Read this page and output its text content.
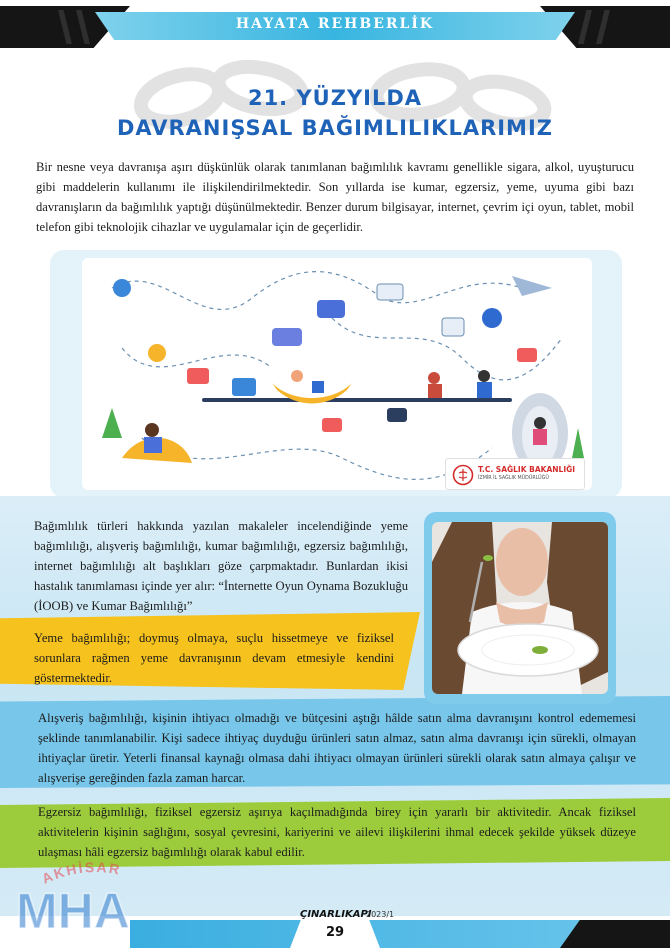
HAYATA REHBERLİK
21. YÜZYILDA
DAVRANIŞSAL BAĞIMLILIKLARIMIZ

Bir nesne veya davranışa aşırı düşkünlük olarak tanımlanan bağımlılık kavramı genellikle sigara, alkol, uyuşturucu gibi maddelerin kullanımı ile ilişkilendirilmektedir. Son yıllarda ise kumar, egzersiz, yeme, uyuma gibi bazı davranışların da bağımlılık yaptığı düşünülmektedir. Benzer durum bilgisayar, internet, çevrim içi oyun, tablet, mobil telefon gibi teknolojik cihazlar ve uygulamalar için de geçerlidir.

T.C. SAĞLIK BAKANLIĞI
İZMİR İL SAĞLIK MÜDÜRLÜĞÜ

Bağımlılık türleri hakkında yazılan makaleler incelendiğinde yeme bağımlılığı, alışveriş bağımlılığı, kumar bağımlılığı, egzersiz bağımlılığı, internet bağımlılığı alt başlıkları göze çarpmaktadır. Bunlardan ikisi hastalık tanımlaması içinde yer alır: “İnternette Oyun Oynama Bozukluğu (İOOB) ve Kumar Bağımlılığı”

Yeme bağımlılığı; doymuş olmaya, suçlu hissetmeye ve fiziksel sorunlara rağmen yeme davranışının devam etmesiyle kendini göstermektedir.

Alışveriş bağımlılığı, kişinin ihtiyacı olmadığı ve bütçesini aştığı hâlde satın alma davranışını kontrol edememesi şeklinde tanımlanabilir. Kişi sadece ihtiyaç duyduğu ürünleri satın almaz, satın alma davranışı için sürekli, olmayan ihtiyaçlar üretir. Yeterli finansal kaynağı olmasa dahi ihtiyacı olmayan ürünleri sürekli olarak satın almaya çalışır ve alışverişe gereğinden fazla zaman harcar.

Egzersiz bağımlılığı, fiziksel egzersiz aşırıya kaçılmadığında birey için yararlı bir aktivitedir. Ancak fiziksel aktivitelerin kişinin sağlığını, sosyal çevresini, kariyerini ve ailevi ilişkilerini ihmal edecek şekilde yüksek düzeye ulaşması hâli egzersiz bağımlılığı olarak kabul edilir.

AKHİSAR
MHA	ÇINARLIKAPI
2023/1
29
